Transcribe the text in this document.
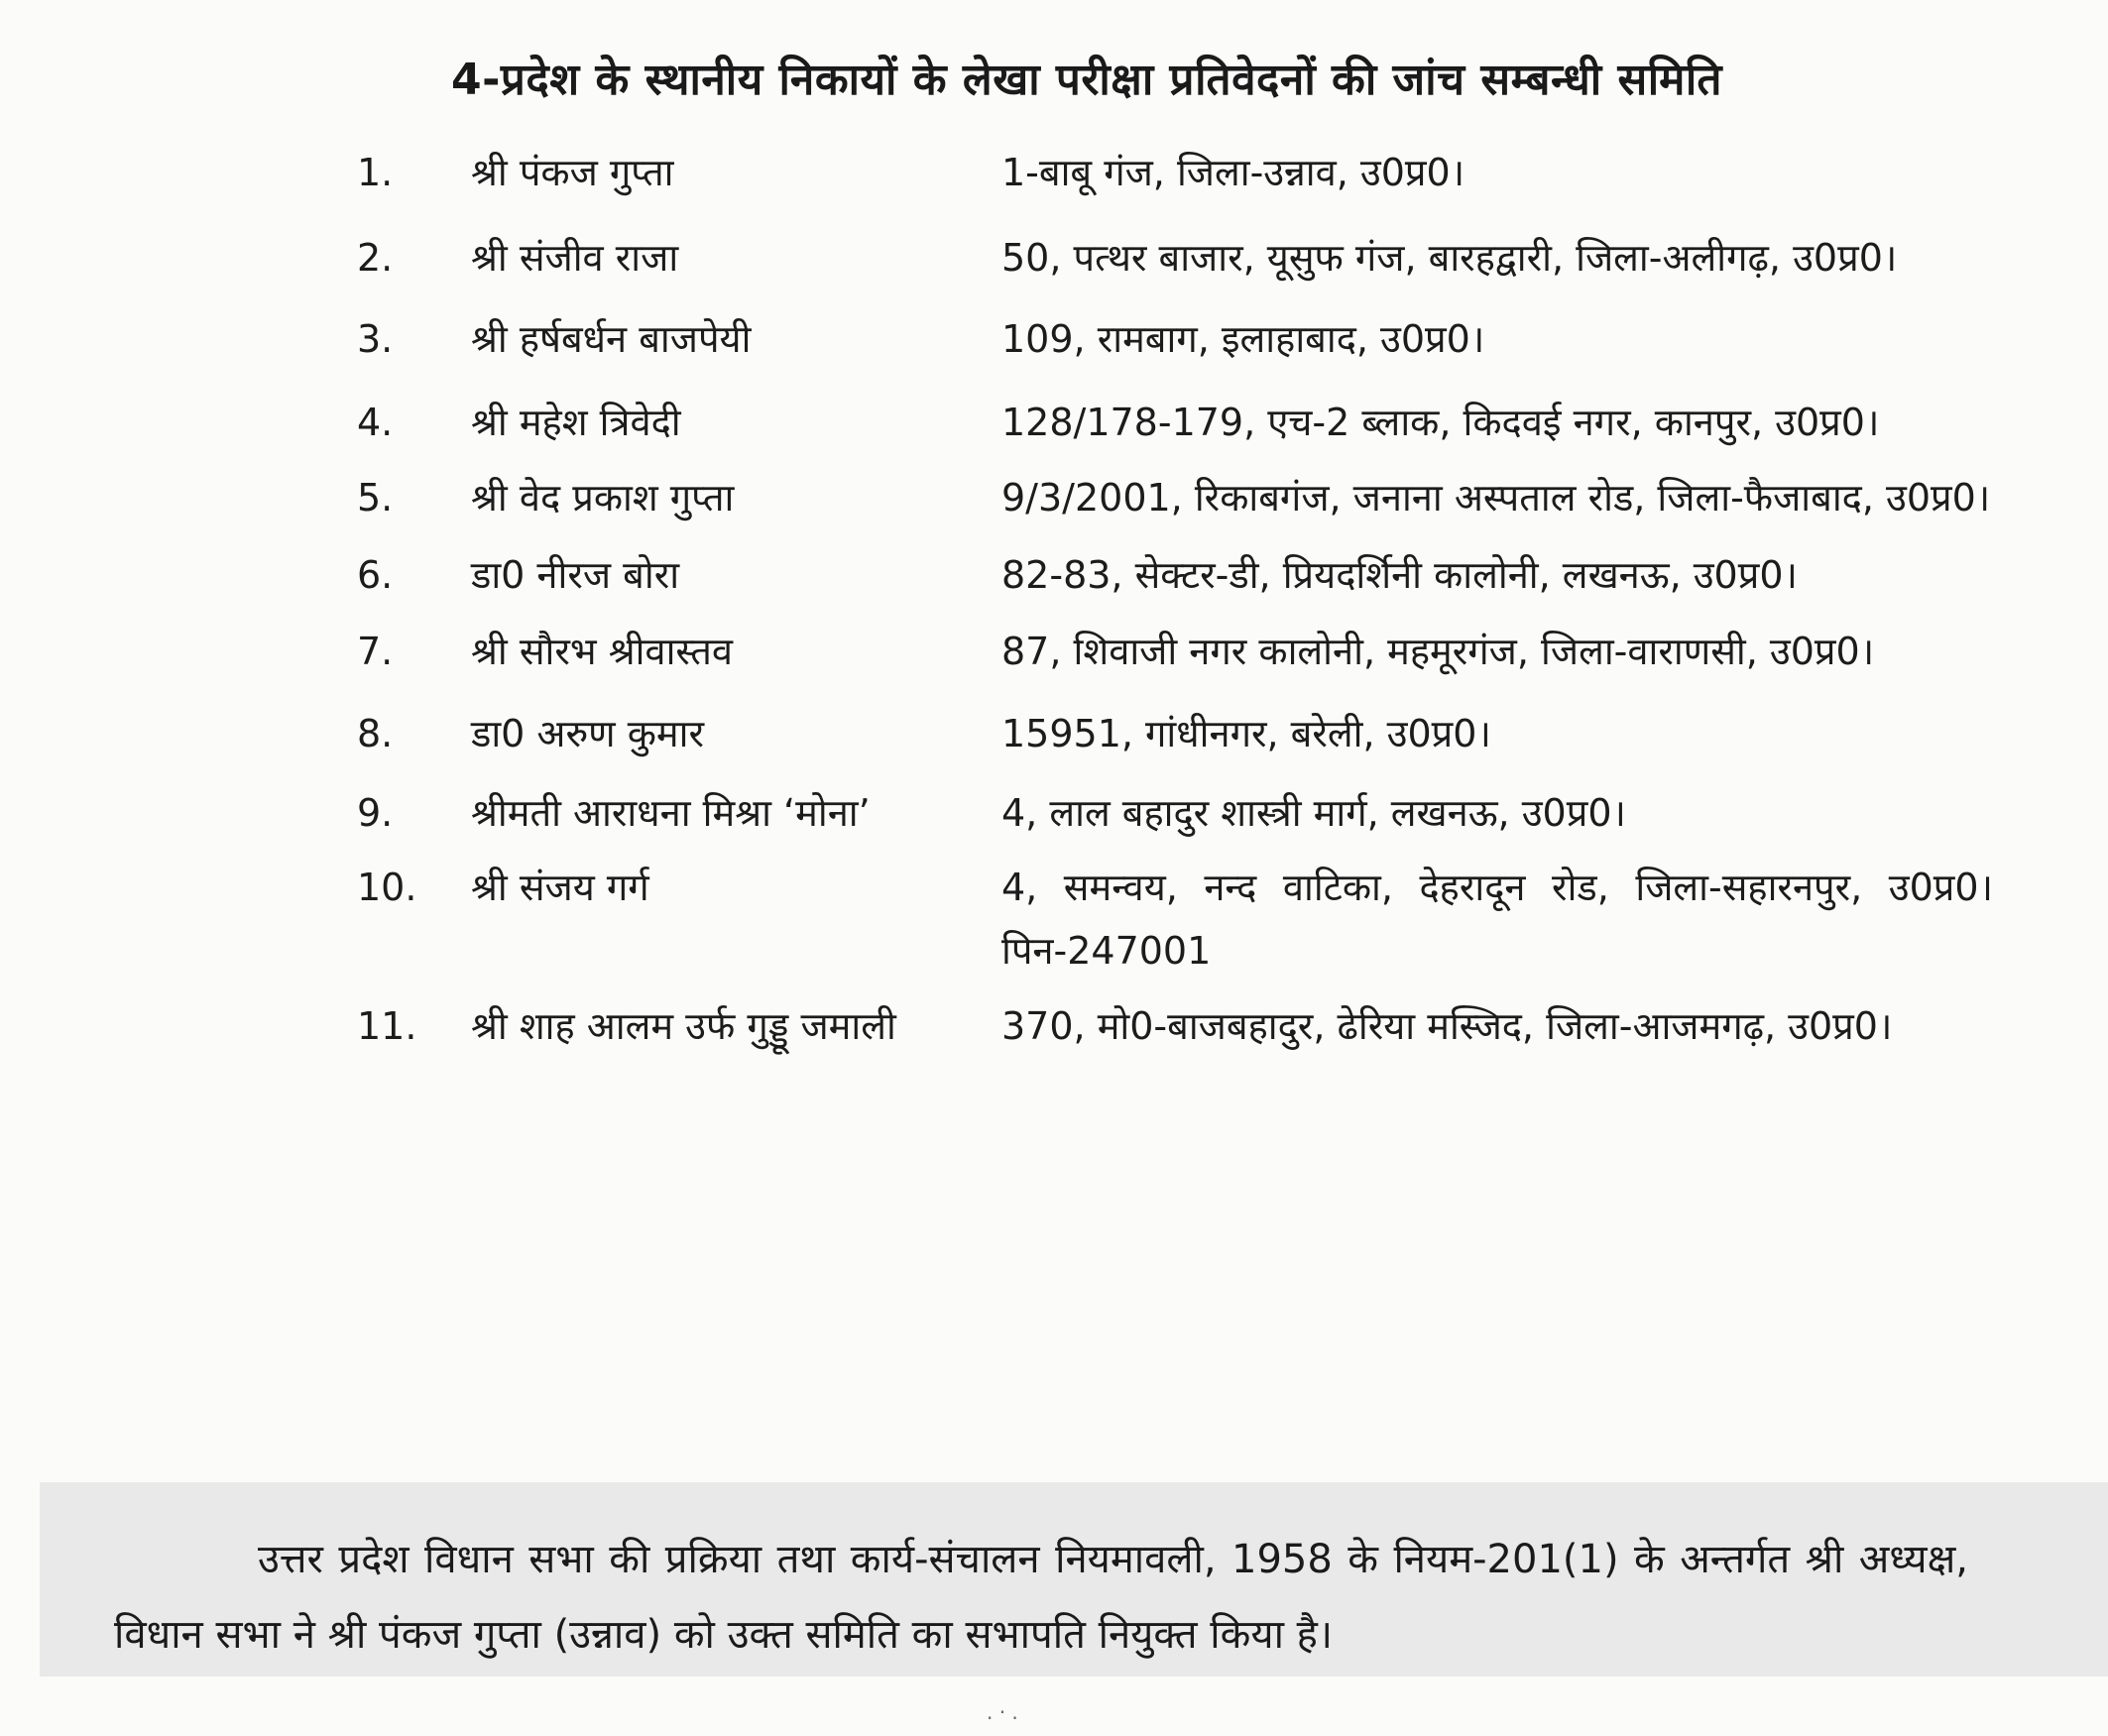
4-प्रदेश के स्थानीय निकायों के लेखा परीक्षा प्रतिवेदनों की जांच सम्बन्धी समिति
1.	श्री पंकज गुप्ता	1-बाबू गंज, जिला-उन्नाव, उ0प्र0।
2.	श्री संजीव राजा	50, पत्थर बाजार, यूसुफ गंज, बारहद्वारी, जिला-अलीगढ़, उ0प्र0।
3.	श्री हर्षबर्धन बाजपेयी	109, रामबाग, इलाहाबाद, उ0प्र0।
4.	श्री महेश त्रिवेदी	128/178-179, एच-2 ब्लाक, किदवई नगर, कानपुर, उ0प्र0।
5.	श्री वेद प्रकाश गुप्ता	9/3/2001, रिकाबगंज, जनाना अस्पताल रोड, जिला-फैजाबाद, उ0प्र0।
6.	डा0 नीरज बोरा	82-83, सेक्टर-डी, प्रियदर्शिनी कालोनी, लखनऊ, उ0प्र0।
7.	श्री सौरभ श्रीवास्तव	87, शिवाजी नगर कालोनी, महमूरगंज, जिला-वाराणसी, उ0प्र0।
8.	डा0 अरुण कुमार	15951, गांधीनगर, बरेली, उ0प्र0।
9.	श्रीमती आराधना मिश्रा ‘मोना’	4, लाल बहादुर शास्त्री मार्ग, लखनऊ, उ0प्र0।
10.	श्री संजय गर्ग	4, समन्वय, नन्द वाटिका, देहरादून रोड, जिला-सहारनपुर, उ0प्र0। पिन-247001
11.	श्री शाह आलम उर्फ गुड्डू जमाली	370, मो0-बाजबहादुर, ढेरिया मस्जिद, जिला-आजमगढ़, उ0प्र0।
उत्तर प्रदेश विधान सभा की प्रक्रिया तथा कार्य-संचालन नियमावली, 1958 के नियम-201(1) के अन्तर्गत श्री अध्यक्ष, विधान सभा ने श्री पंकज गुप्ता (उन्नाव) को उक्त समिति का सभापति नियुक्त किया है।
. · .
